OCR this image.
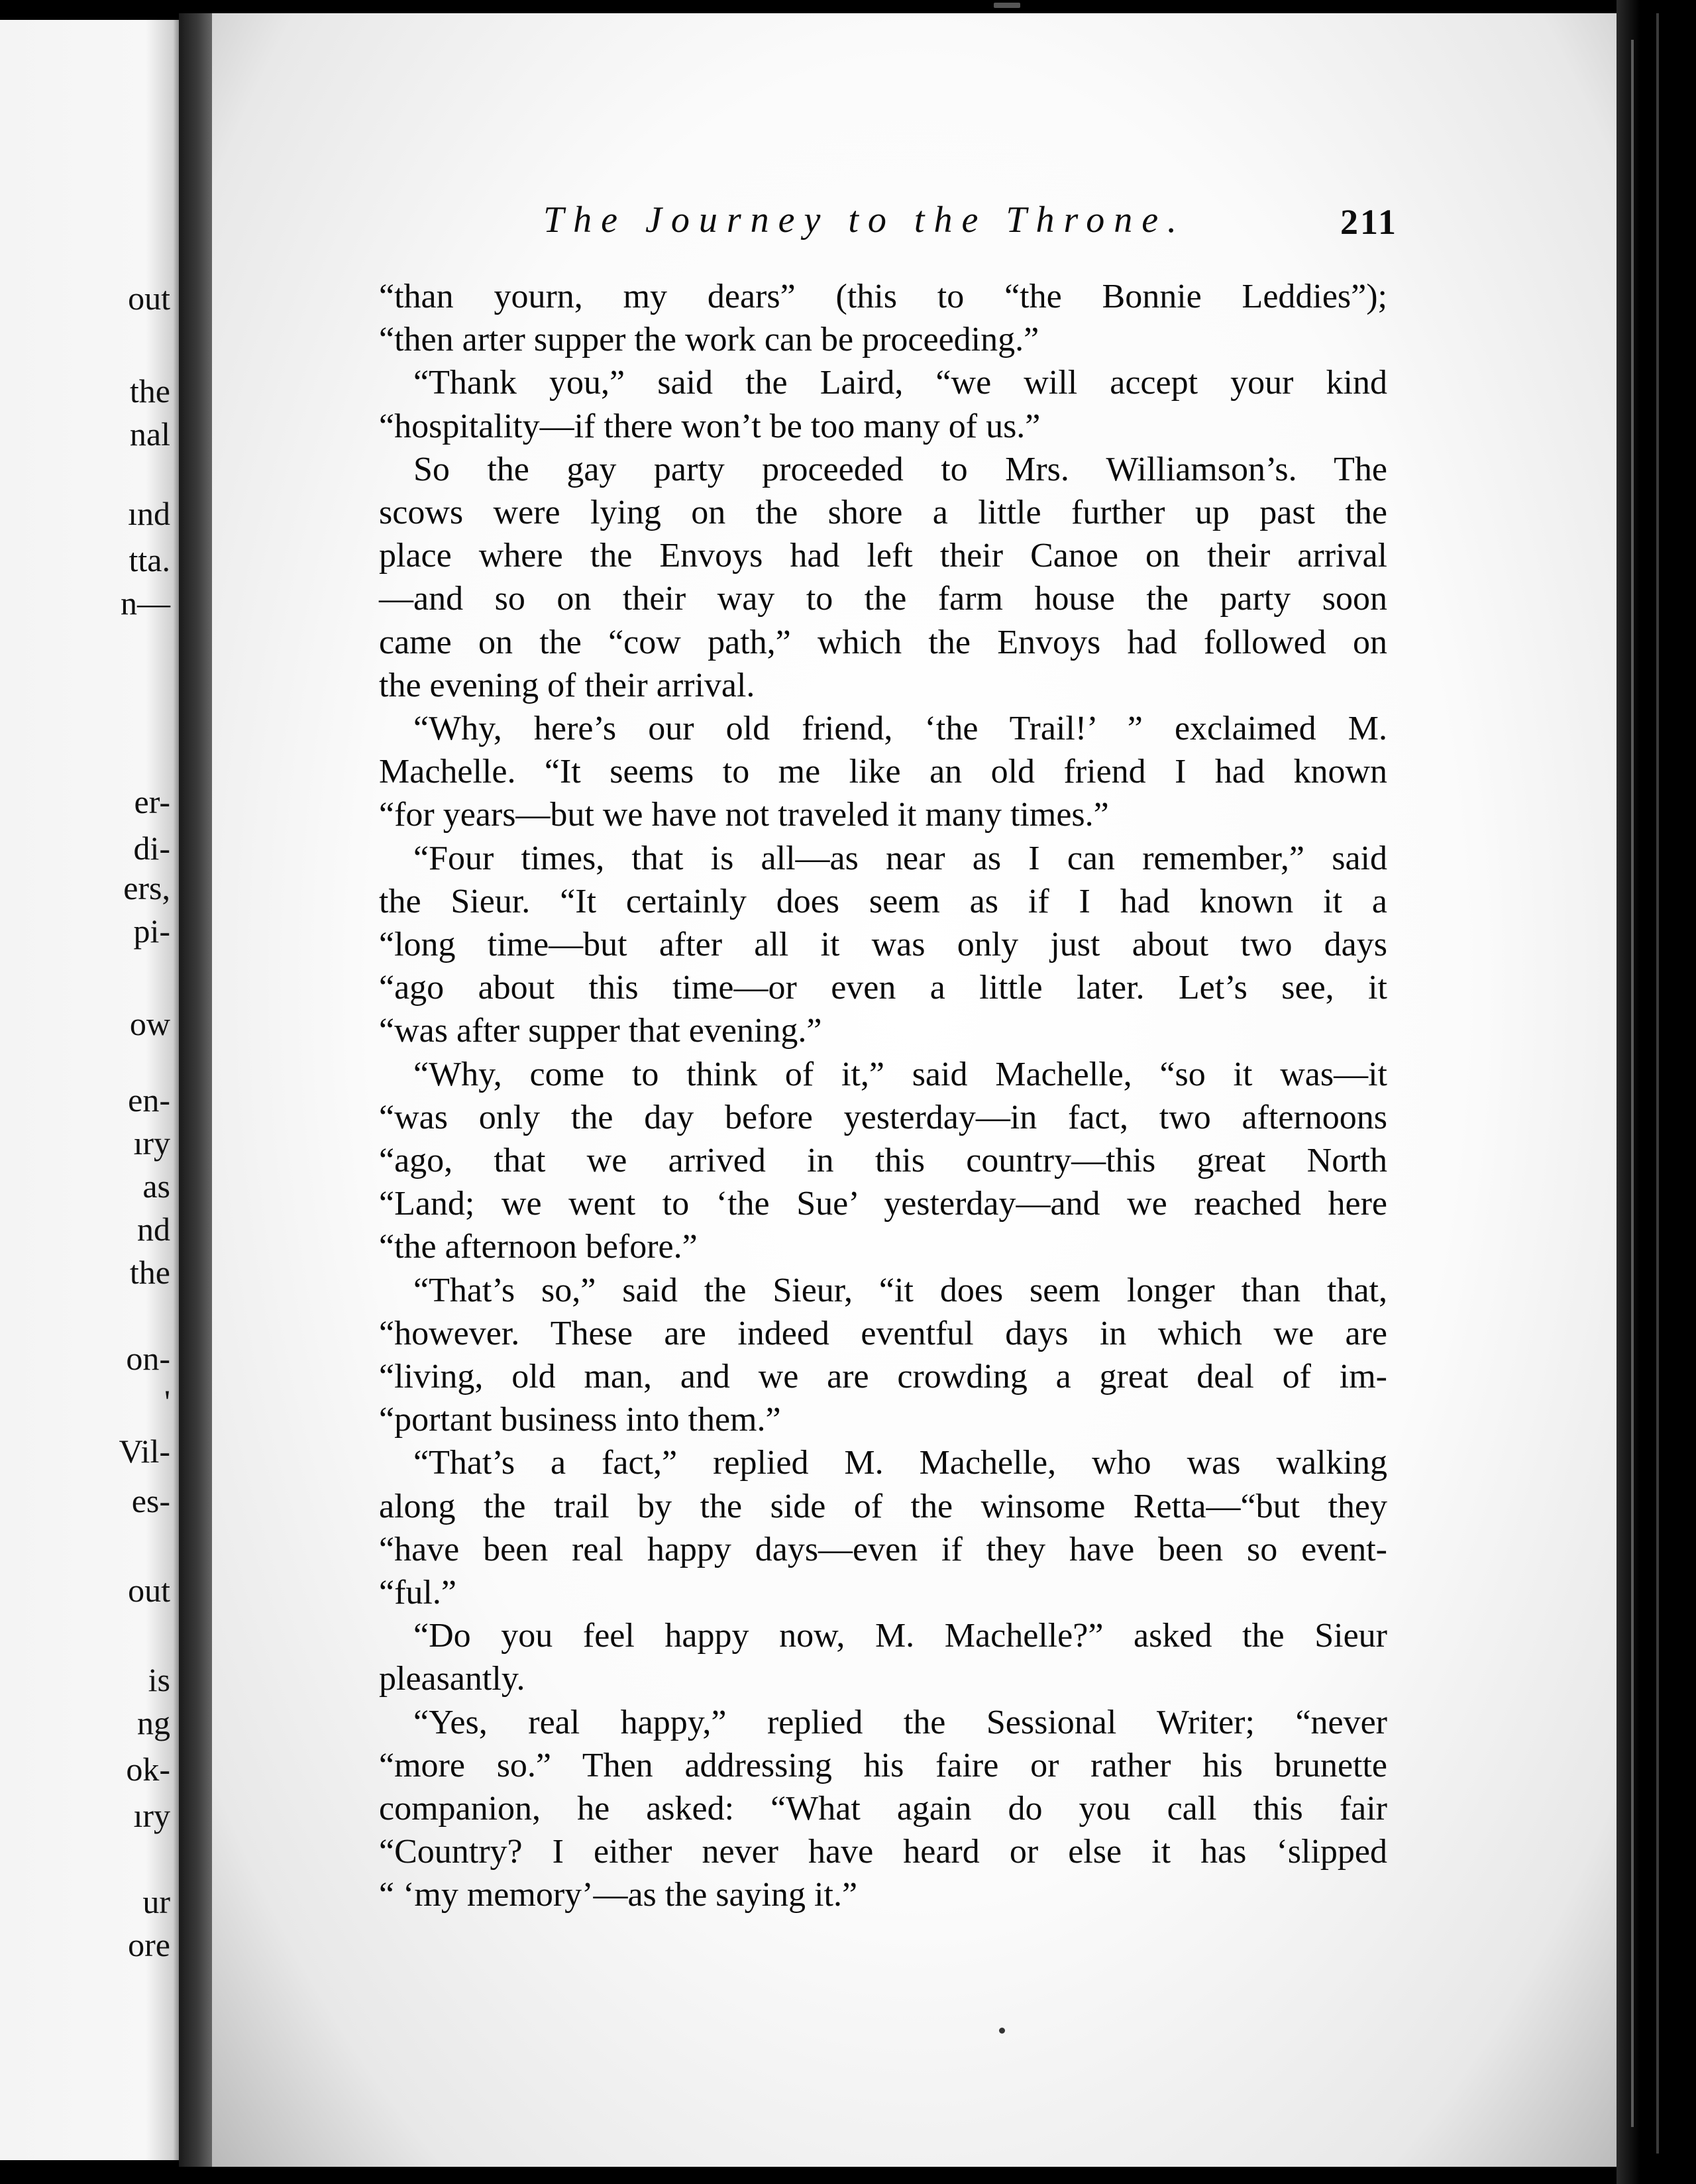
out
the
nal
ınd
tta.
n—
er-
di-
ers,
pi-
ow
en-
ıry
as
nd
the
on-
'
Vil-
es-
out
is
ng
ok-
ıry
ur
ore
The Journey to the Throne.	211
“than yourn, my dears” (this to “the Bonnie Leddies”);
“then arter supper the work can be proceeding.”
“Thank you,” said the Laird, “we will accept your kind
“hospitality—if there won’t be too many of us.”
So the gay party proceeded to Mrs. Williamson’s. The
scows were lying on the shore a little further up past the
place where the Envoys had left their Canoe on their arrival
—and so on their way to the farm house the party soon
came on the “cow path,” which the Envoys had followed on
the evening of their arrival.
“Why, here’s our old friend, ‘the Trail!’ ” exclaimed M.
Machelle. “It seems to me like an old friend I had known
“for years—but we have not traveled it many times.”
“Four times, that is all—as near as I can remember,” said
the Sieur. “It certainly does seem as if I had known it a
“long time—but after all it was only just about two days
“ago about this time—or even a little later. Let’s see, it
“was after supper that evening.”
“Why, come to think of it,” said Machelle, “so it was—it
“was only the day before yesterday—in fact, two afternoons
“ago, that we arrived in this country—this great North
“Land; we went to ‘the Sue’ yesterday—and we reached here
“the afternoon before.”
“That’s so,” said the Sieur, “it does seem longer than that,
“however. These are indeed eventful days in which we are
“living, old man, and we are crowding a great deal of im-
“portant business into them.”
“That’s a fact,” replied M. Machelle, who was walking
along the trail by the side of the winsome Retta—“but they
“have been real happy days—even if they have been so event-
“ful.”
“Do you feel happy now, M. Machelle?” asked the Sieur
pleasantly.
“Yes, real happy,” replied the Sessional Writer; “never
“more so.” Then addressing his faire or rather his brunette
companion, he asked: “What again do you call this fair
“Country? I either never have heard or else it has ‘slipped
“ ‘my memory’—as the saying it.”
